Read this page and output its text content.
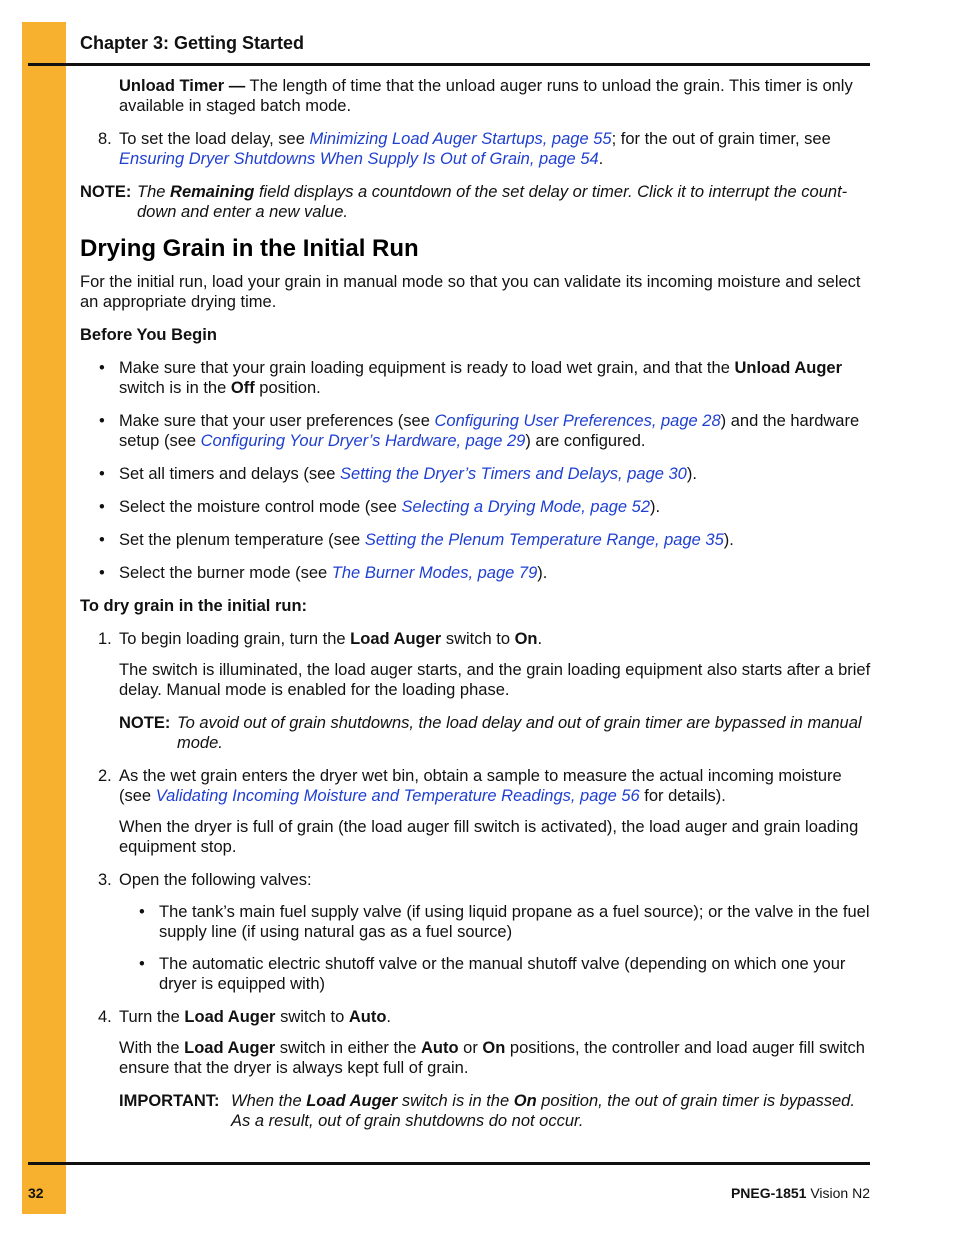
Chapter 3: Getting Started

Unload Timer — The length of time that the unload auger runs to unload the grain. This timer is only available in staged batch mode.

8. To set the load delay, see Minimizing Load Auger Startups, page 55; for the out of grain timer, see Ensuring Dryer Shutdowns When Supply Is Out of Grain, page 54.

NOTE: The Remaining field displays a countdown of the set delay or timer. Click it to interrupt the count-down and enter a new value.

Drying Grain in the Initial Run

For the initial run, load your grain in manual mode so that you can validate its incoming moisture and select an appropriate drying time.

Before You Begin

• Make sure that your grain loading equipment is ready to load wet grain, and that the Unload Auger switch is in the Off position.

• Make sure that your user preferences (see Configuring User Preferences, page 28) and the hardware setup (see Configuring Your Dryer’s Hardware, page 29) are configured.

• Set all timers and delays (see Setting the Dryer’s Timers and Delays, page 30).

• Select the moisture control mode (see Selecting a Drying Mode, page 52).

• Set the plenum temperature (see Setting the Plenum Temperature Range, page 35).

• Select the burner mode (see The Burner Modes, page 79).

To dry grain in the initial run:

1. To begin loading grain, turn the Load Auger switch to On.

The switch is illuminated, the load auger starts, and the grain loading equipment also starts after a brief delay. Manual mode is enabled for the loading phase.

NOTE: To avoid out of grain shutdowns, the load delay and out of grain timer are bypassed in manual mode.

2. As the wet grain enters the dryer wet bin, obtain a sample to measure the actual incoming moisture (see Validating Incoming Moisture and Temperature Readings, page 56 for details).

When the dryer is full of grain (the load auger fill switch is activated), the load auger and grain loading equipment stop.

3. Open the following valves:

• The tank’s main fuel supply valve (if using liquid propane as a fuel source); or the valve in the fuel supply line (if using natural gas as a fuel source)

• The automatic electric shutoff valve or the manual shutoff valve (depending on which one your dryer is equipped with)

4. Turn the Load Auger switch to Auto.

With the Load Auger switch in either the Auto or On positions, the controller and load auger fill switch ensure that the dryer is always kept full of grain.

IMPORTANT: When the Load Auger switch is in the On position, the out of grain timer is bypassed. As a result, out of grain shutdowns do not occur.

32	PNEG-1851 Vision N2
